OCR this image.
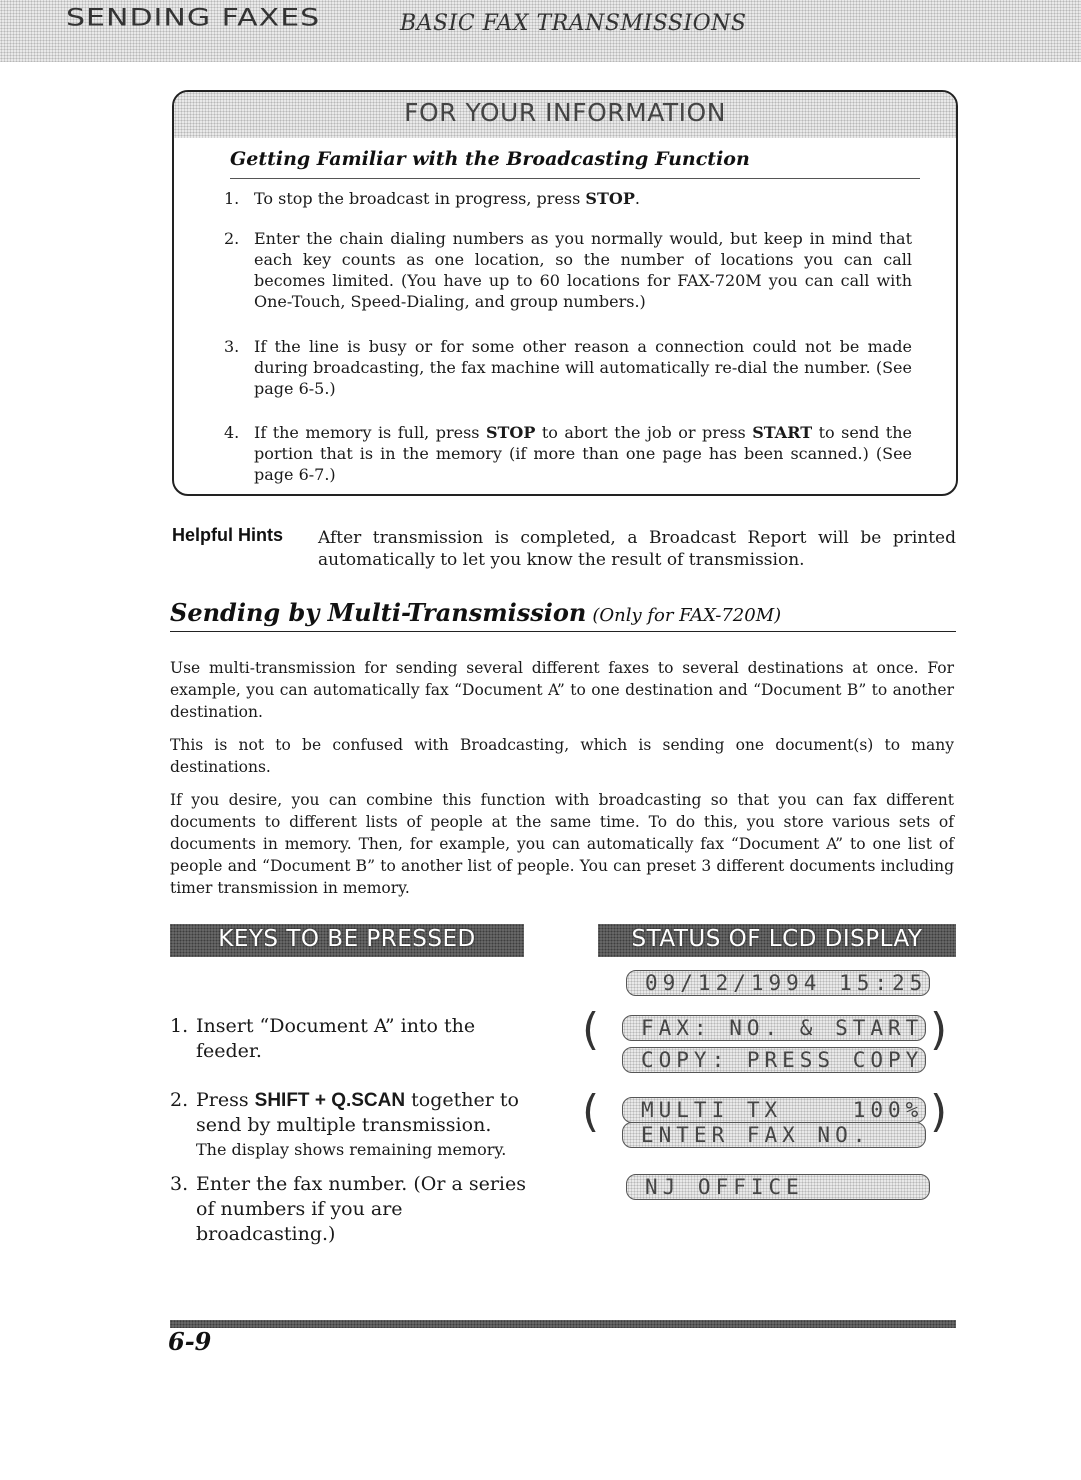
SENDING FAXES	BASIC FAX TRANSMISSIONS
FOR YOUR INFORMATION
Getting Familiar with the Broadcasting Function
1. To stop the broadcast in progress, press STOP.
2. Enter the chain dialing numbers as you normally would, but keep in mind that each key counts as one location, so the number of locations you can call becomes limited. (You have up to 60 locations for FAX-720M you can call with One-Touch, Speed-Dialing, and group numbers.)
3. If the line is busy or for some other reason a connection could not be made during broadcasting, the fax machine will automatically re-dial the number. (See page 6-5.)
4. If the memory is full, press STOP to abort the job or press START to send the portion that is in the memory (if more than one page has been scanned.) (See page 6-7.)
Helpful Hints After transmission is completed, a Broadcast Report will be printed automatically to let you know the result of transmission.
Sending by Multi-Transmission (Only for FAX-720M)
Use multi-transmission for sending several different faxes to several destinations at once. For example, you can automatically fax “Document A” to one destination and “Document B” to another destination.
This is not to be confused with Broadcasting, which is sending one document(s) to many destinations.
If you desire, you can combine this function with broadcasting so that you can fax different documents to different lists of people at the same time. To do this, you store various sets of documents in memory. Then, for example, you can automatically fax “Document A” to one list of people and “Document B” to another list of people. You can preset 3 different documents including timer transmission in memory.
KEYS TO BE PRESSED	STATUS OF LCD DISPLAY
1. Insert “Document A” into the feeder.
2. Press SHIFT + Q.SCAN together to send by multiple transmission.
The display shows remaining memory.
3. Enter the fax number. (Or a series of numbers if you are broadcasting.)
09/12/1994 15:25
(	)
FAX: NO. & START
COPY: PRESS COPY
(	)
MULTI TX    100%
ENTER FAX NO.
NJ OFFICE
6-9
